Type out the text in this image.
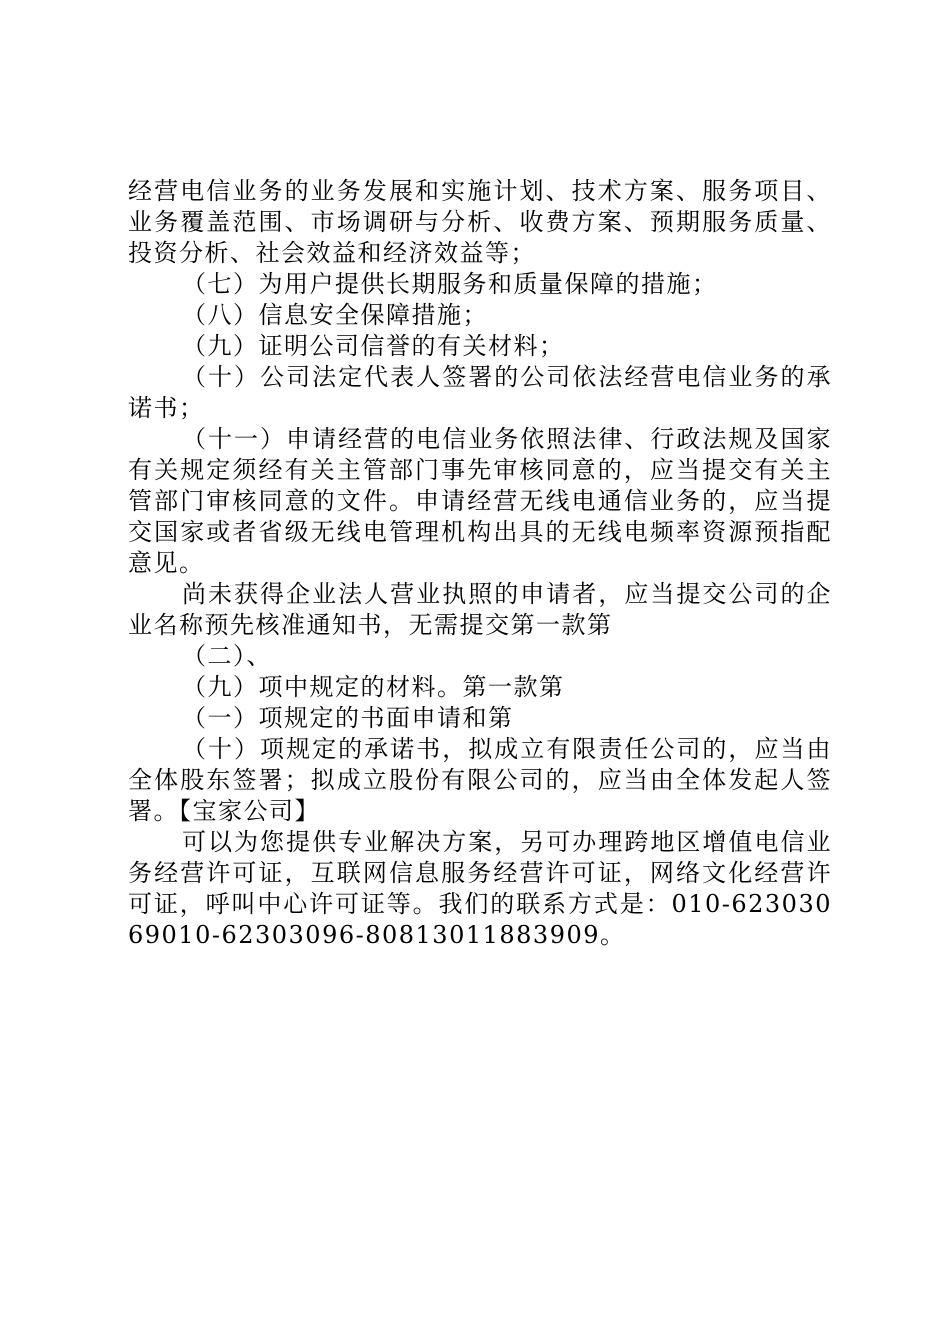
经营电信业务的业务发展和实施计划、技术方案、服务项目、业务覆盖范围、市场调研与分析、收费方案、预期服务质量、投资分析、社会效益和经济效益等；

（七）为用户提供长期服务和质量保障的措施；

（八）信息安全保障措施；

（九）证明公司信誉的有关材料；

（十）公司法定代表人签署的公司依法经营电信业务的承诺书；

（十一）申请经营的电信业务依照法律、行政法规及国家有关规定须经有关主管部门事先审核同意的，应当提交有关主管部门审核同意的文件。申请经营无线电通信业务的，应当提交国家或者省级无线电管理机构出具的无线电频率资源预指配意见。

尚未获得企业法人营业执照的申请者，应当提交公司的企业名称预先核准通知书，无需提交第一款第

（二）、

（九）项中规定的材料。第一款第

（一）项规定的书面申请和第

（十）项规定的承诺书，拟成立有限责任公司的，应当由全体股东签署；拟成立股份有限公司的，应当由全体发起人签署。【宝家公司】

可以为您提供专业解决方案，另可办理跨地区增值电信业务经营许可证，互联网信息服务经营许可证，网络文化经营许可证，呼叫中心许可证等。我们的联系方式是：010-62303069010-62303096-80813011883909。
